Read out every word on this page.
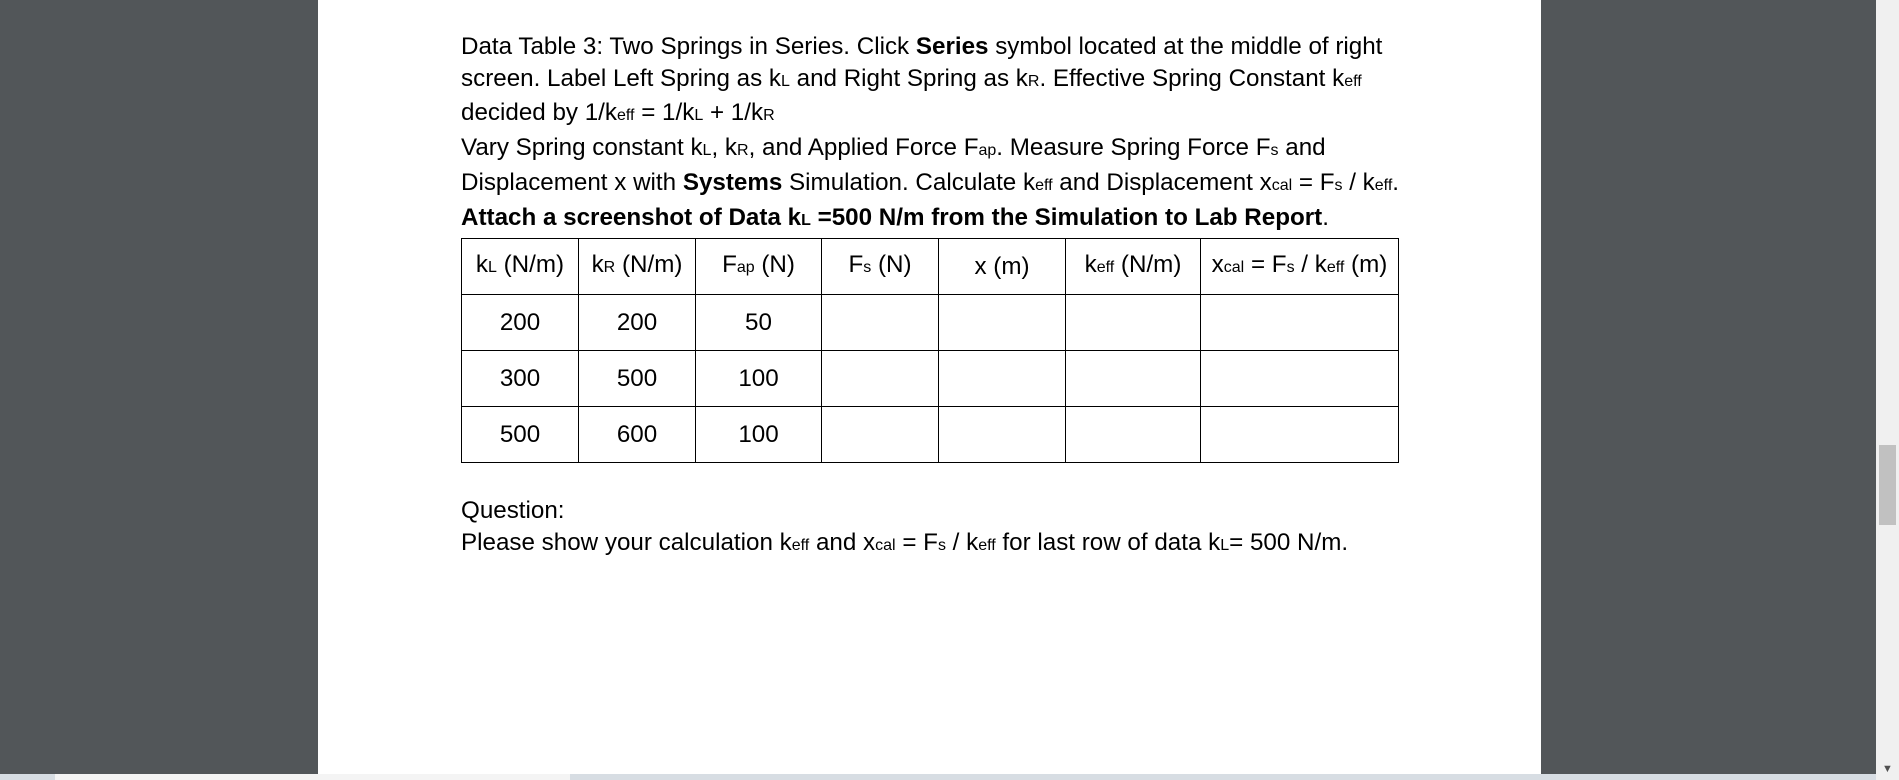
Data Table 3: Two Springs in Series. Click Series symbol located at the middle of right screen. Label Left Spring as kL and Right Spring as kR. Effective Spring Constant keff decided by 1/keff = 1/kL + 1/kR

Vary Spring constant kL, kR, and Applied Force Fap. Measure Spring Force Fs and Displacement x with Systems Simulation. Calculate keff and Displacement xcal = Fs / keff.

Attach a screenshot of Data kL =500 N/m from the Simulation to Lab Report.

kL (N/m)	kR (N/m)	Fap (N)	Fs (N)	x (m)	keff (N/m)	xcal = Fs / keff (m)
200	200	50				
300	500	100				
500	600	100				

Question:

Please show your calculation keff and xcal = Fs / keff for last row of data kL= 500 N/m.

▼
